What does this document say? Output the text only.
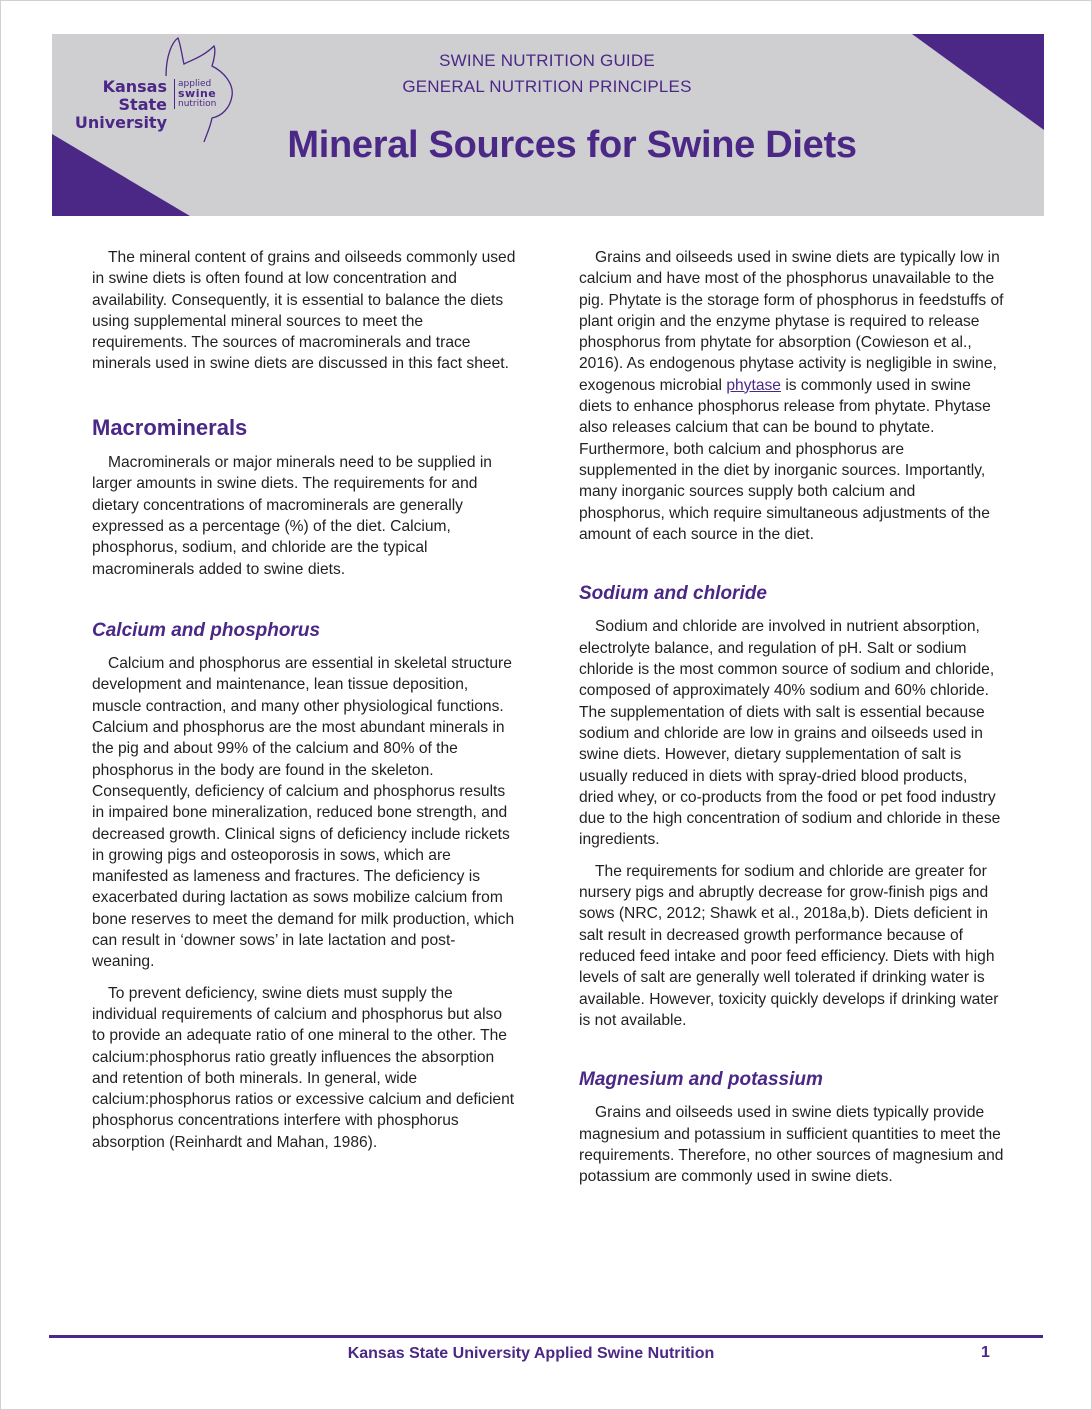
Kansas State
University
applied
swine
nutrition
SWINE NUTRITION GUIDE
GENERAL NUTRITION PRINCIPLES
Mineral Sources for Swine Diets

The mineral content of grains and oilseeds commonly used in swine diets is often found at low concentration and availability. Consequently, it is essential to balance the diets using supplemental mineral sources to meet the requirements. The sources of macrominerals and trace minerals used in swine diets are discussed in this fact sheet.

Macrominerals

Macrominerals or major minerals need to be supplied in larger amounts in swine diets. The requirements for and dietary concentrations of macrominerals are generally expressed as a percentage (%) of the diet. Calcium, phosphorus, sodium, and chloride are the typical macrominerals added to swine diets.

Calcium and phosphorus

Calcium and phosphorus are essential in skeletal structure development and maintenance, lean tissue deposition, muscle contraction, and many other physiological functions. Calcium and phosphorus are the most abundant minerals in the pig and about 99% of the calcium and 80% of the phosphorus in the body are found in the skeleton. Consequently, deficiency of calcium and phosphorus results in impaired bone mineralization, reduced bone strength, and decreased growth. Clinical signs of deficiency include rickets in growing pigs and osteoporosis in sows, which are manifested as lameness and fractures. The deficiency is exacerbated during lactation as sows mobilize calcium from bone reserves to meet the demand for milk production, which can result in ‘downer sows’ in late lactation and post-weaning.

To prevent deficiency, swine diets must supply the individual requirements of calcium and phosphorus but also to provide an adequate ratio of one mineral to the other. The calcium:phosphorus ratio greatly influences the absorption and retention of both minerals. In general, wide calcium:phosphorus ratios or excessive calcium and deficient phosphorus concentrations interfere with phosphorus absorption (Reinhardt and Mahan, 1986).

Grains and oilseeds used in swine diets are typically low in calcium and have most of the phosphorus unavailable to the pig. Phytate is the storage form of phosphorus in feedstuffs of plant origin and the enzyme phytase is required to release phosphorus from phytate for absorption (Cowieson et al., 2016). As endogenous phytase activity is negligible in swine, exogenous microbial phytase is commonly used in swine diets to enhance phosphorus release from phytate. Phytase also releases calcium that can be bound to phytate. Furthermore, both calcium and phosphorus are supplemented in the diet by inorganic sources. Importantly, many inorganic sources supply both calcium and phosphorus, which require simultaneous adjustments of the amount of each source in the diet.

Sodium and chloride

Sodium and chloride are involved in nutrient absorption, electrolyte balance, and regulation of pH. Salt or sodium chloride is the most common source of sodium and chloride, composed of approximately 40% sodium and 60% chloride. The supplementation of diets with salt is essential because sodium and chloride are low in grains and oilseeds used in swine diets. However, dietary supplementation of salt is usually reduced in diets with spray-dried blood products, dried whey, or co-products from the food or pet food industry due to the high concentration of sodium and chloride in these ingredients.

The requirements for sodium and chloride are greater for nursery pigs and abruptly decrease for grow-finish pigs and sows (NRC, 2012; Shawk et al., 2018a,b). Diets deficient in salt result in decreased growth performance because of reduced feed intake and poor feed efficiency. Diets with high levels of salt are generally well tolerated if drinking water is available. However, toxicity quickly develops if drinking water is not available.

Magnesium and potassium

Grains and oilseeds used in swine diets typically provide magnesium and potassium in sufficient quantities to meet the requirements. Therefore, no other sources of magnesium and potassium are commonly used in swine diets.

Kansas State University Applied Swine Nutrition	1
